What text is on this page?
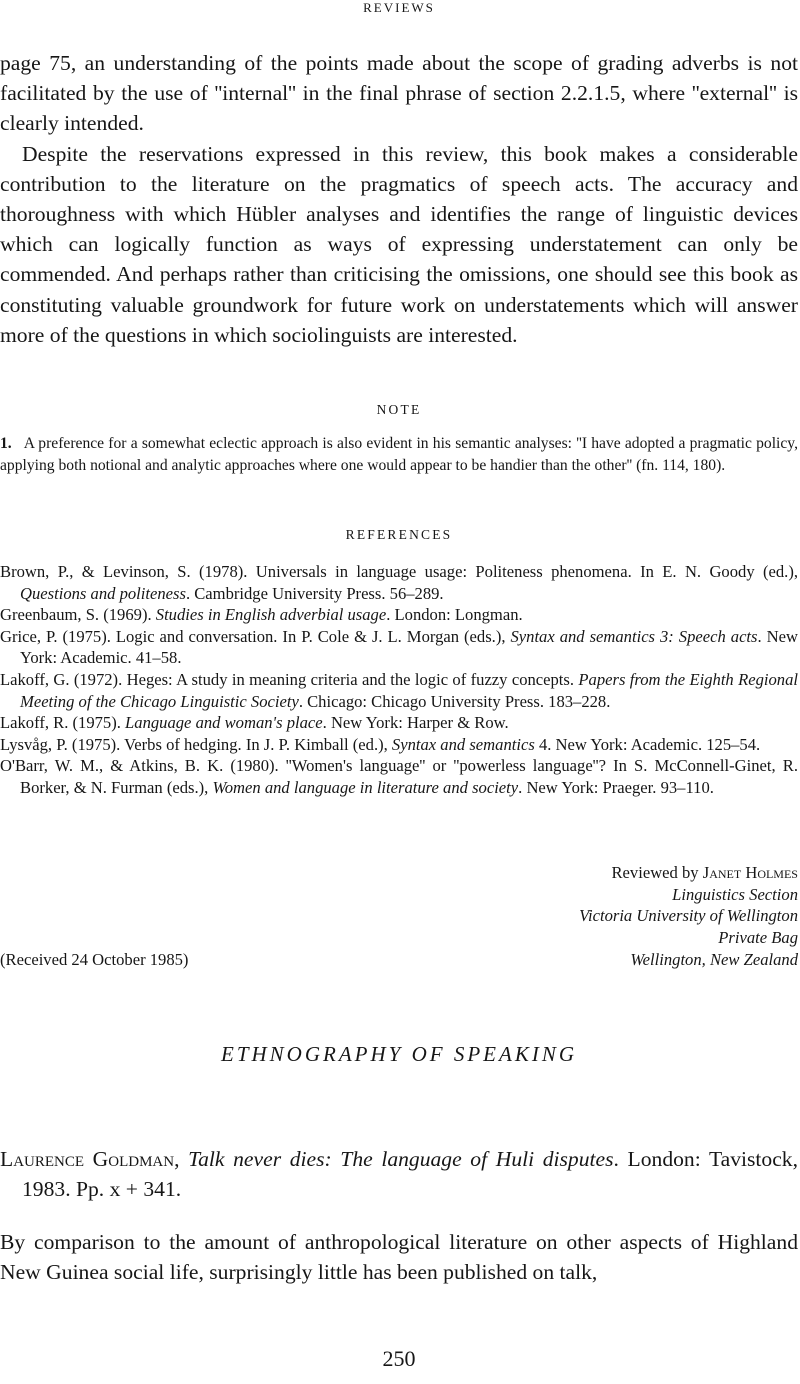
REVIEWS

page 75, an understanding of the points made about the scope of grading adverbs is not facilitated by the use of ''internal'' in the final phrase of section 2.2.1.5, where ''external'' is clearly intended.

Despite the reservations expressed in this review, this book makes a considerable contribution to the literature on the pragmatics of speech acts. The accuracy and thoroughness with which Hübler analyses and identifies the range of linguistic devices which can logically function as ways of expressing understatement can only be commended. And perhaps rather than criticising the omissions, one should see this book as constituting valuable groundwork for future work on understatements which will answer more of the questions in which sociolinguists are interested.

NOTE
1. A preference for a somewhat eclectic approach is also evident in his semantic analyses: ''I have adopted a pragmatic policy, applying both notional and analytic approaches where one would appear to be handier than the other'' (fn. 114, 180).
REFERENCES
Brown, P., & Levinson, S. (1978). Universals in language usage: Politeness phenomena. In E. N. Goody (ed.), Questions and politeness. Cambridge University Press. 56–289.
Greenbaum, S. (1969). Studies in English adverbial usage. London: Longman.
Grice, P. (1975). Logic and conversation. In P. Cole & J. L. Morgan (eds.), Syntax and semantics 3: Speech acts. New York: Academic. 41–58.
Lakoff, G. (1972). Heges: A study in meaning criteria and the logic of fuzzy concepts. Papers from the Eighth Regional Meeting of the Chicago Linguistic Society. Chicago: Chicago University Press. 183–228.
Lakoff, R. (1975). Language and woman's place. New York: Harper & Row.
Lysvåg, P. (1975). Verbs of hedging. In J. P. Kimball (ed.), Syntax and semantics 4. New York: Academic. 125–54.
O'Barr, W. M., & Atkins, B. K. (1980). ''Women's language'' or ''powerless language''? In S. McConnell-Ginet, R. Borker, & N. Furman (eds.), Women and language in literature and society. New York: Praeger. 93–110.
Reviewed by Janet Holmes
Linguistics Section
Victoria University of Wellington
Private Bag
Wellington, New Zealand
(Received 24 October 1985)
ETHNOGRAPHY OF SPEAKING
Laurence Goldman, Talk never dies: The language of Huli disputes. London: Tavistock, 1983. Pp. x + 341.

By comparison to the amount of anthropological literature on other aspects of Highland New Guinea social life, surprisingly little has been published on talk,

250
